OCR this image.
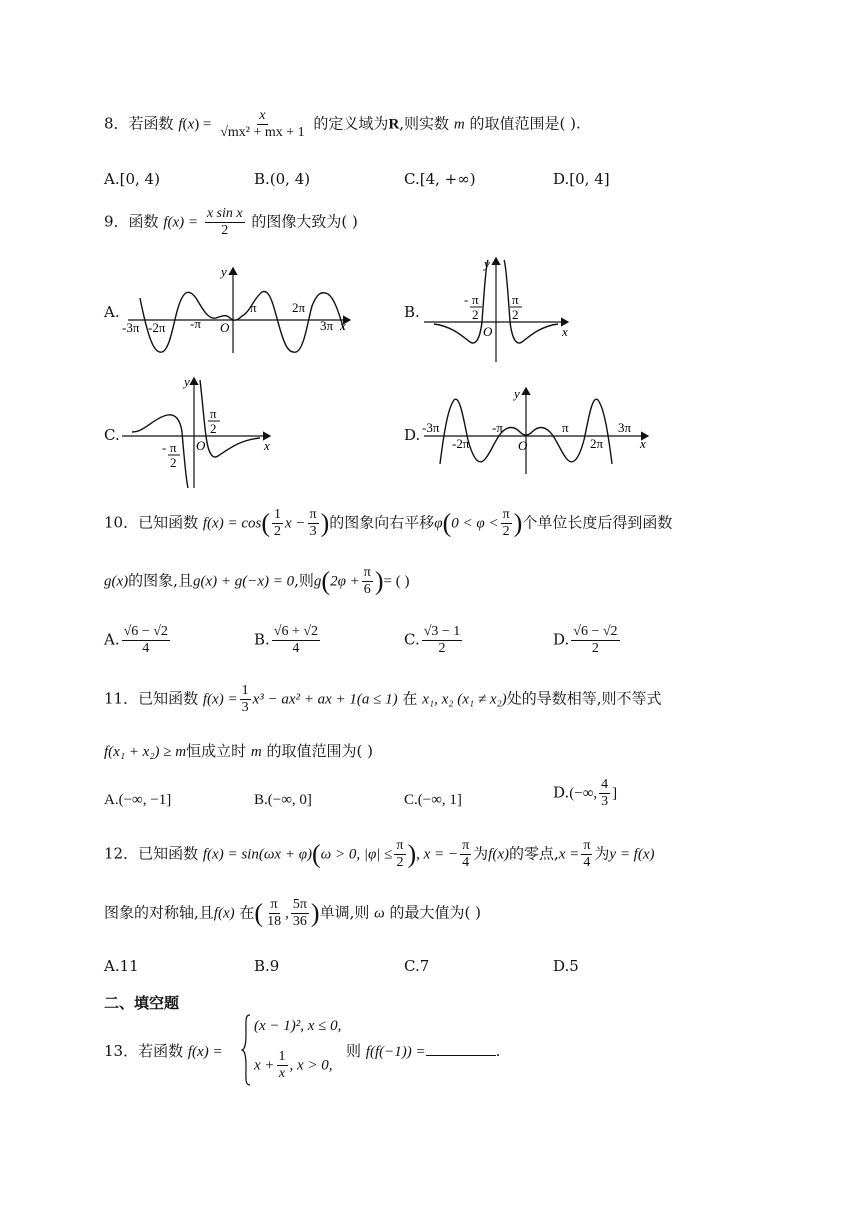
8．若函数 $f(x) = \frac{x}{\text{√mx² + mx + 1}}$ 的定义域为R,则实数 m 的取值范围是( ).
A.[0, 4)	B.(0, 4)	C.[4, +∞)	D.[0, 4]
9．函数 $f(x) = \frac{\text{x sin x}}{2}$ 的图像大致为( )
A.	B.
C.	D.
-3π -2π -π O
π	2π
3π x
y
- π
2
π
2
O
y
x
- π
2
π
2
O
y
x
-3π
-2π
-π
O
π
2π
3π
x
y
10．已知函数 $f(x) = \cos( \frac{1}{2}$ $x - \frac{\pi}{3}$ )的图象向右平移$\varphi(0 < \varphi < \frac{\pi}{2}$ )个单位长度后得到函数
g(x)的图象,且g(x) + g(−x) = 0,则$g(2\varphi + \frac{\pi}{6}$ )= ( )
A. $\frac{√6 - √2}{4}$	B. $\frac{√6 + √2}{4}$	C. $\frac{√3 - 1}{2}$	D. $\frac{√6 - √2}{2}$
11．已知函数 $f(x) = \frac{1}{3} x^3 - ax^2$ + ax + 1(a ≤ 1) 在 x₁, x₂ (x₁ ≠ x₂)处的导数相等,则不等式
f(x₁ + x₂) ≥ m恒成立时 m 的取值范围为( )
A.(−∞, −1]	B.(−∞, 0]	C.(−∞, 1]	D.(−∞, $\frac{4}{3}$ ]
12．已知函数 f(x) = sin(ωx + φ)(ω > 0, $|\varphi| \le \frac{\pi}{2}$ ), x = − $\frac{\pi}{4}$ 为f(x)的零点$,x = \frac{\pi}{4}$ 为y = f(x)
图象的对称轴,且f(x) 在( $\frac{\pi}{18}$ , $\frac{5\pi}{36}$ )单调,则 ω 的最大值为( )
A.11	B.9	C.7	D.5
二、填空题
13．若函数 f(x) =
(x − 1)², x ≤ 0,
$x + \frac{1}{x}$ , x > 0,
则 f(f(−1)) =	.
